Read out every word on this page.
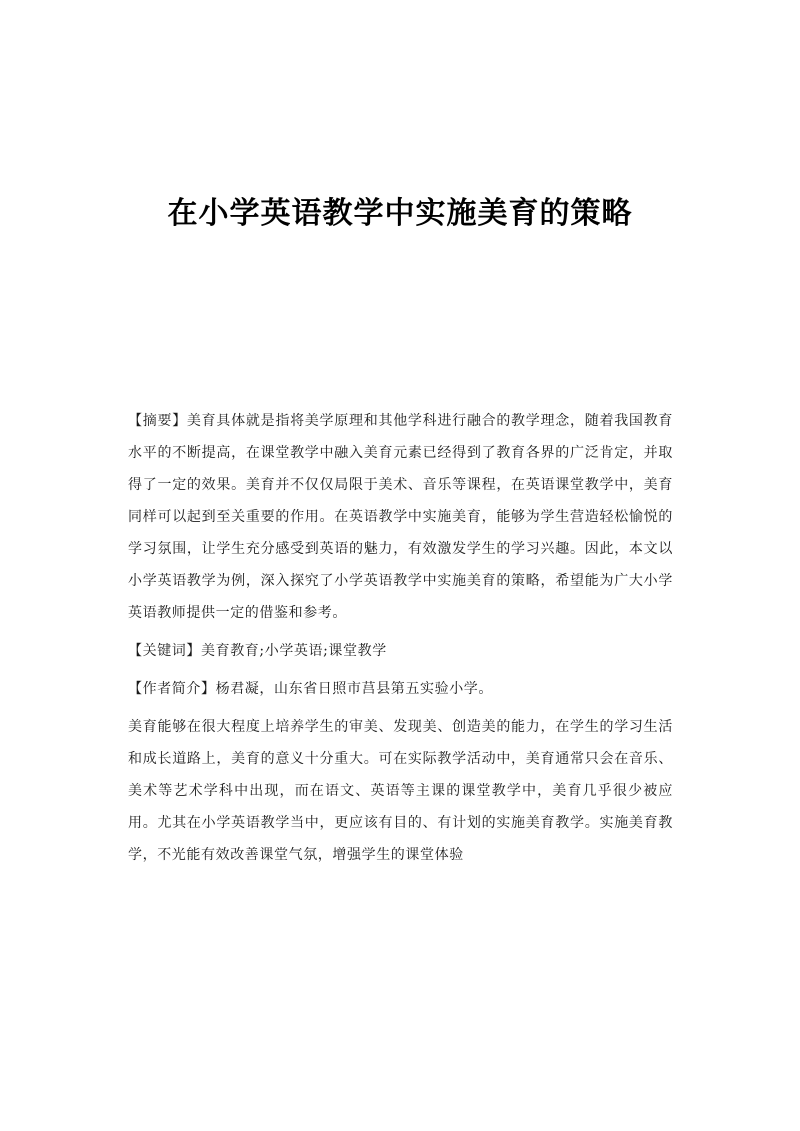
在小学英语教学中实施美育的策略

【摘要】美育具体就是指将美学原理和其他学科进行融合的教学理念，随着我国教育水平的不断提高，在课堂教学中融入美育元素已经得到了教育各界的广泛肯定，并取得了一定的效果。美育并不仅仅局限于美术、音乐等课程，在英语课堂教学中，美育同样可以起到至关重要的作用。在英语教学中实施美育，能够为学生营造轻松愉悦的学习氛围，让学生充分感受到英语的魅力，有效激发学生的学习兴趣。因此，本文以小学英语教学为例，深入探究了小学英语教学中实施美育的策略，希望能为广大小学英语教师提供一定的借鉴和参考。

【关键词】美育教育;小学英语;课堂教学

【作者简介】杨君凝，山东省日照市莒县第五实验小学。

美育能够在很大程度上培养学生的审美、发现美、创造美的能力，在学生的学习生活和成长道路上，美育的意义十分重大。可在实际教学活动中，美育通常只会在音乐、美术等艺术学科中出现，而在语文、英语等主课的课堂教学中，美育几乎很少被应用。尤其在小学英语教学当中，更应该有目的、有计划的实施美育教学。实施美育教学，不光能有效改善课堂气氛，增强学生的课堂体验
